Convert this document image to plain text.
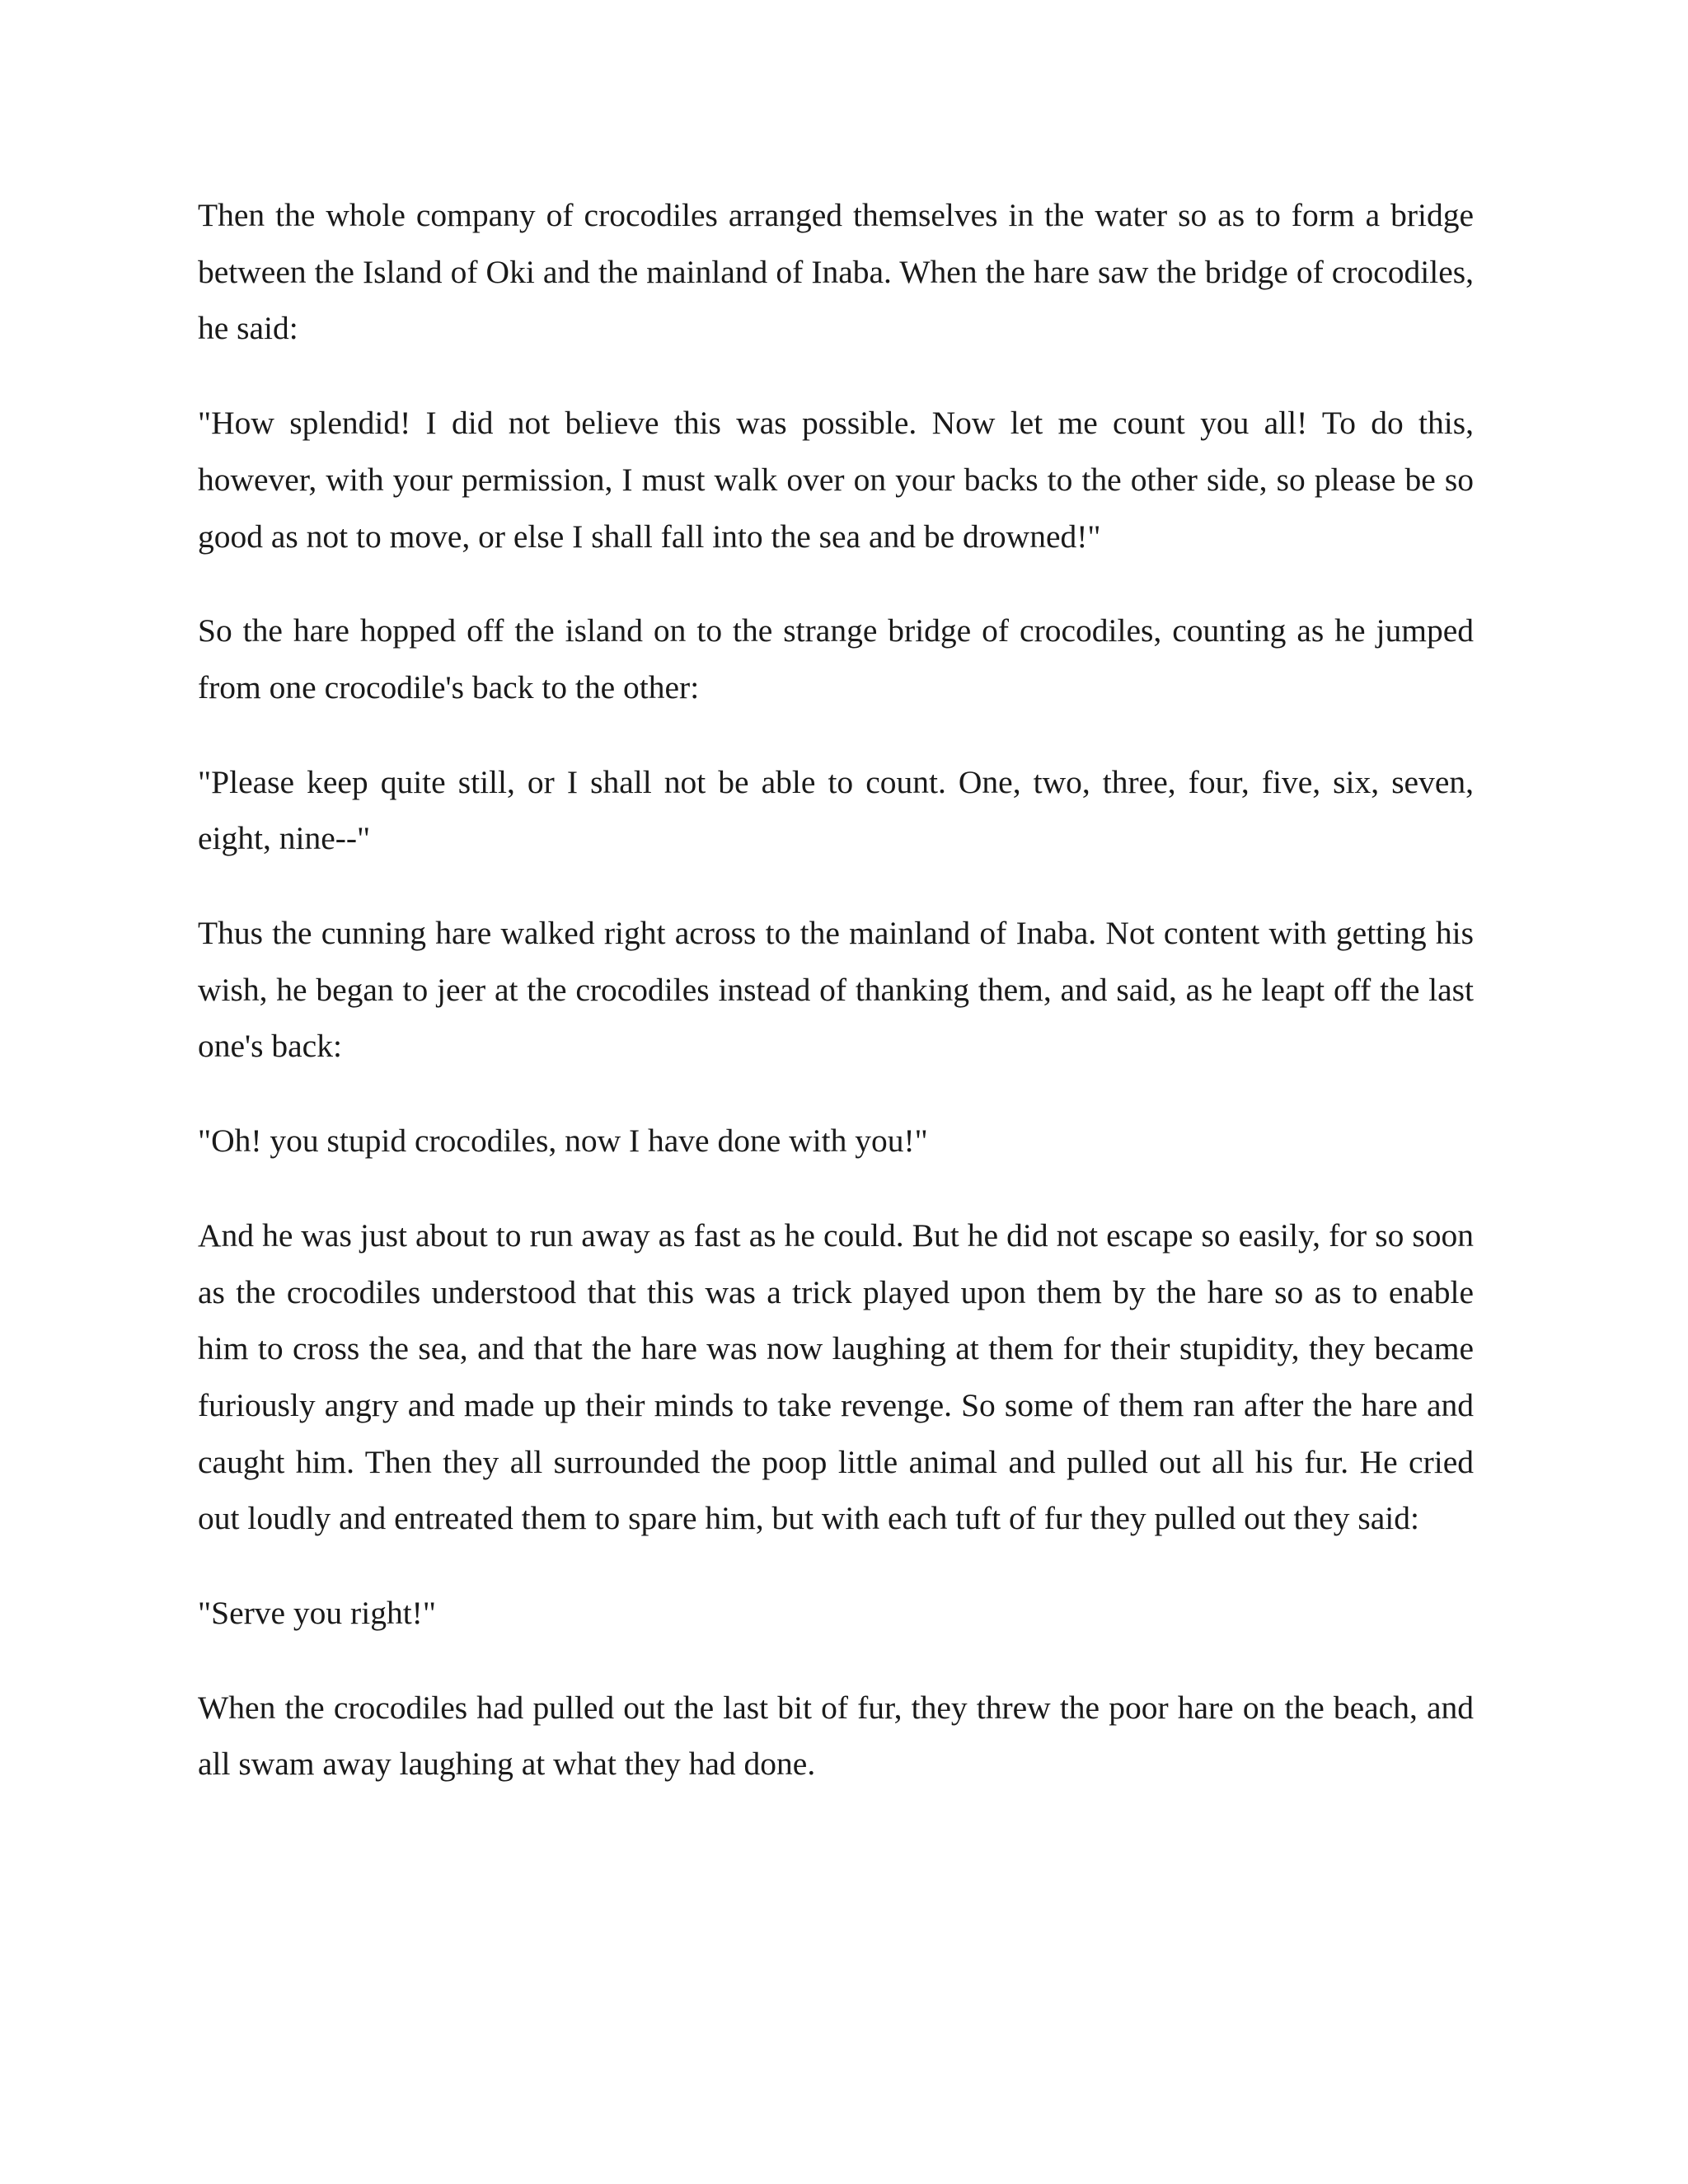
Then the whole company of crocodiles arranged themselves in the water so as to form a bridge between the Island of Oki and the mainland of Inaba. When the hare saw the bridge of crocodiles, he said:

"How splendid! I did not believe this was possible. Now let me count you all! To do this, however, with your permission, I must walk over on your backs to the other side, so please be so good as not to move, or else I shall fall into the sea and be drowned!"

So the hare hopped off the island on to the strange bridge of crocodiles, counting as he jumped from one crocodile's back to the other:

"Please keep quite still, or I shall not be able to count. One, two, three, four, five, six, seven, eight, nine--"

Thus the cunning hare walked right across to the mainland of Inaba. Not content with getting his wish, he began to jeer at the crocodiles instead of thanking them, and said, as he leapt off the last one's back:

"Oh! you stupid crocodiles, now I have done with you!"

And he was just about to run away as fast as he could. But he did not escape so easily, for so soon as the crocodiles understood that this was a trick played upon them by the hare so as to enable him to cross the sea, and that the hare was now laughing at them for their stupidity, they became furiously angry and made up their minds to take revenge. So some of them ran after the hare and caught him. Then they all surrounded the poop little animal and pulled out all his fur. He cried out loudly and entreated them to spare him, but with each tuft of fur they pulled out they said:

"Serve you right!"

When the crocodiles had pulled out the last bit of fur, they threw the poor hare on the beach, and all swam away laughing at what they had done.
